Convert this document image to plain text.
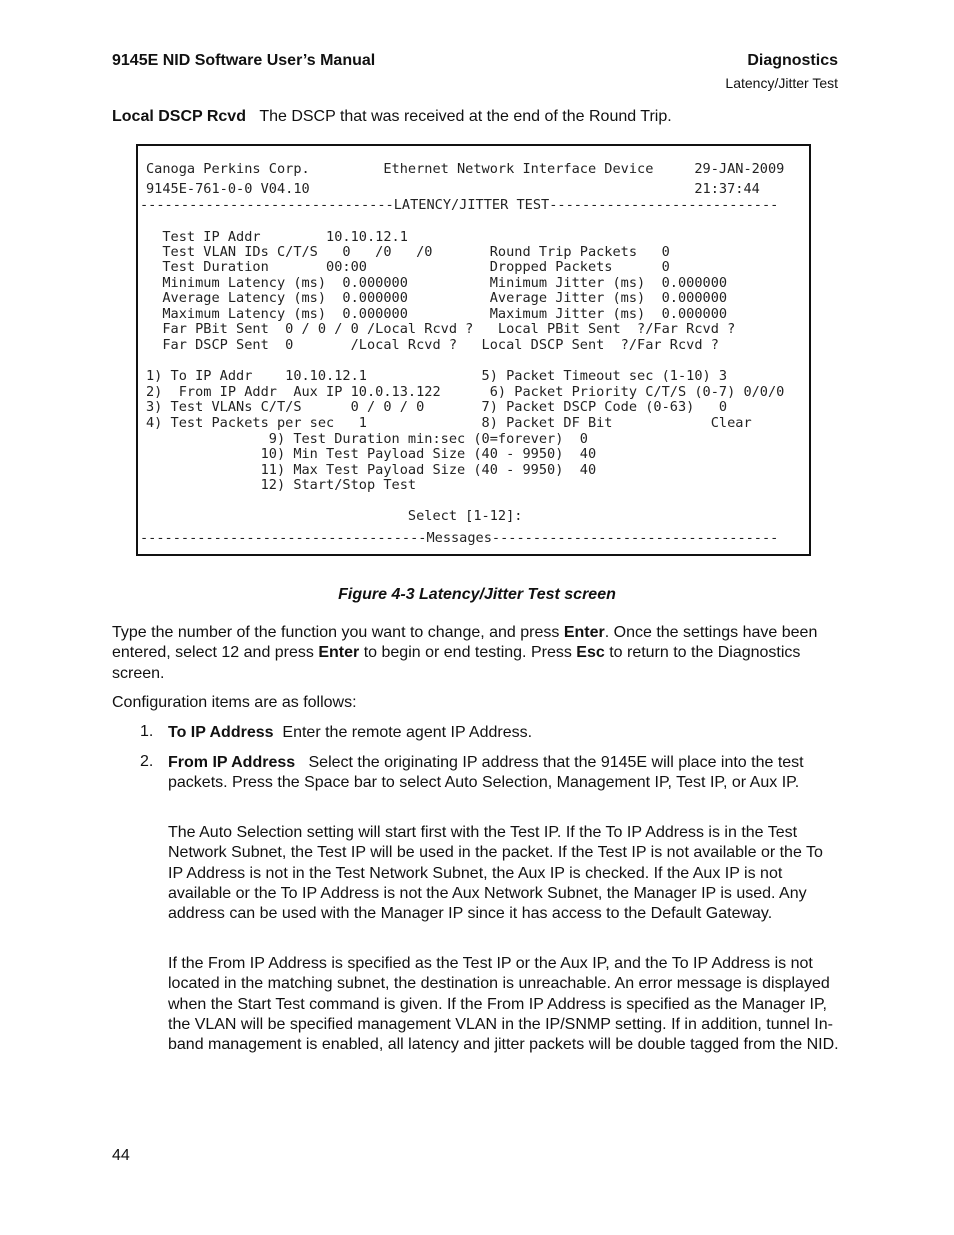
9145E NID Software User’s Manual	Diagnostics
Latency/Jitter Test
Local DSCP Rcvd The DSCP that was received at the end of the Round Trip.
Canoga Perkins Corp.         Ethernet Network Interface Device     29-JAN-2009
9145E-761-0-0 V04.10                                               21:37:44
-------------------------------LATENCY/JITTER TEST----------------------------
Test IP Addr        10.10.12.1
Test VLAN IDs C/T/S   0   /0   /0       Round Trip Packets   0
Test Duration       00:00               Dropped Packets      0
Minimum Latency (ms)  0.000000          Minimum Jitter (ms)  0.000000
Average Latency (ms)  0.000000          Average Jitter (ms)  0.000000
Maximum Latency (ms)  0.000000          Maximum Jitter (ms)  0.000000
Far PBit Sent  0 / 0 / 0 /Local Rcvd ?   Local PBit Sent  ?/Far Rcvd ?
Far DSCP Sent  0       /Local Rcvd ?   Local DSCP Sent  ?/Far Rcvd ?
1) To IP Addr    10.10.12.1              5) Packet Timeout sec (1-10) 3
2)  From IP Addr  Aux IP 10.0.13.122      6) Packet Priority C/T/S (0-7) 0/0/0
3) Test VLANs C/T/S      0 / 0 / 0       7) Packet DSCP Code (0-63)   0
4) Test Packets per sec   1              8) Packet DF Bit            Clear
9) Test Duration min:sec (0=forever)  0
10) Min Test Payload Size (40 - 9950)  40
11) Max Test Payload Size (40 - 9950)  40
12) Start/Stop Test
Select [1-12]:
-----------------------------------Messages-----------------------------------
Figure 4-3 Latency/Jitter Test screen
Type the number of the function you want to change, and press Enter. Once the settings have been entered, select 12 and press Enter to begin or end testing. Press Esc to return to the Diagnostics screen.
Configuration items are as follows:
1. To IP Address Enter the remote agent IP Address.
2. From IP Address Select the originating IP address that the 9145E will place into the test packets. Press the Space bar to select Auto Selection, Management IP, Test IP, or Aux IP.
The Auto Selection setting will start first with the Test IP. If the To IP Address is in the Test Network Subnet, the Test IP will be used in the packet. If the Test IP is not available or the To IP Address is not in the Test Network Subnet, the Aux IP is checked. If the Aux IP is not available or the To IP Address is not the Aux Network Subnet, the Manager IP is used. Any address can be used with the Manager IP since it has access to the Default Gateway.
If the From IP Address is specified as the Test IP or the Aux IP, and the To IP Address is not located in the matching subnet, the destination is unreachable. An error message is displayed when the Start Test command is given. If the From IP Address is specified as the Manager IP, the VLAN will be specified management VLAN in the IP/SNMP setting. If in addition, tunnel In-band management is enabled, all latency and jitter packets will be double tagged from the NID.
44
